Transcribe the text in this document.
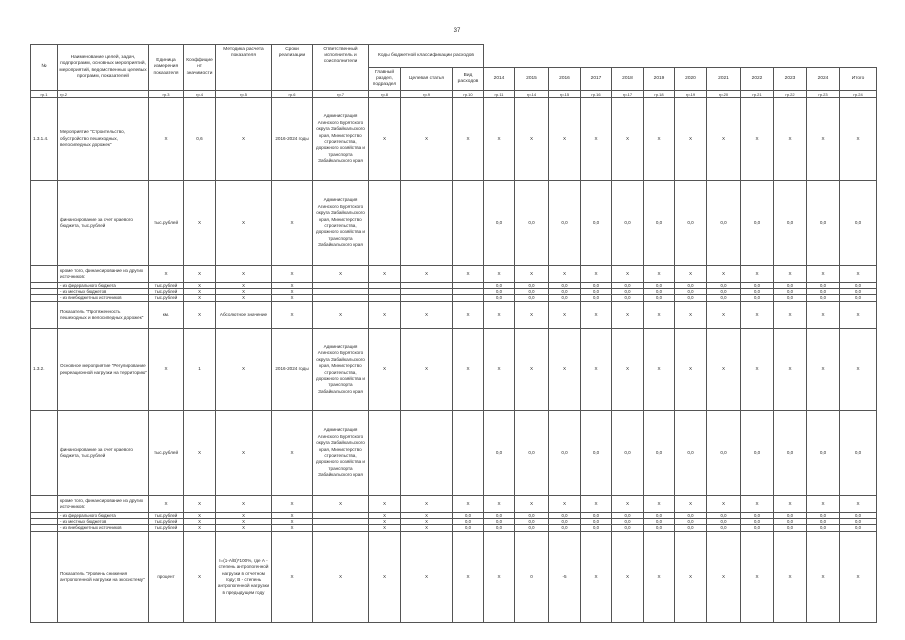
37
№	Наименование целей, задач, подпрограмм, основных мероприятий, мероприятий, ведомственных целевых программ, показателей	Единица измерения показателя	Коэффициент значимости	Методика расчета показателя	Сроки реализации	Ответственный исполнитель и соисполнители	Коды бюджетной классификации расходов														
							Главный раздел, подраздел	Целевая статья	Вид расходов	2014	2015	2016	2017	2018	2019	2020	2021	2022	2023	2024	Итого
гр.1	гр.2	гр.3	гр.4	гр.5	гр.6	гр.7	гр.8	гр.9	гр.10	гр.11	гр.14	гр.15	гр.16	гр.17	гр.18	гр.19	гр.20	гр.21	гр.22	гр.23	гр.24
1.3.1.4.	Мероприятие "Строительство, обустройство пешеходных, велосипедных дорожек"	Х	0,6	Х	2016-2024 годы	Администрация Агинского Бурятского округа Забайкальского края, Министерство строительства, дорожного хозяйства и транспорта Забайкальского края	Х	Х	Х	Х	Х	Х	Х	Х	Х	Х	Х	Х	Х	Х	Х
	финансирование за счет краевого бюджета, тыс.рублей	тыс.рублей	Х	Х	Х	Администрация Агинского Бурятского округа Забайкальского края, Министерство строительства, дорожного хозяйства и транспорта Забайкальского края				0,0	0,0	0,0	0,0	0,0	0,0	0,0	0,0	0,0	0,0	0,0	0,0
	кроме того, финансирование из других источников:	Х	Х	Х	Х	Х	Х	Х	Х	Х	Х	Х	Х	Х	Х	Х	Х	Х	Х	Х	Х
	- из федерального бюджета	тыс.рублей	Х	Х	Х					0,0	0,0	0,0	0,0	0,0	0,0	0,0	0,0	0,0	0,0	0,0	0,0
	- из местных бюджетов	тыс.рублей	Х	Х	Х					0,0	0,0	0,0	0,0	0,0	0,0	0,0	0,0	0,0	0,0	0,0	0,0
	- из внебюджетных источников	тыс.рублей	Х	Х	Х					0,0	0,0	0,0	0,0	0,0	0,0	0,0	0,0	0,0	0,0	0,0	0,0
	Показатель "Протяженность пешеходных и велосипедных дорожек"	км.	Х	Абсолютное значение	Х	Х	Х	Х	Х	Х	Х	Х	Х	Х	Х	Х	Х	Х	Х	Х	Х
1.3.2.	Основное мероприятие "Регулирование рекреационной нагрузки на территорию"	Х	1	Х	2016-2024 годы	Администрация Агинского Бурятского округа Забайкальского края, Министерство строительства, дорожного хозяйства и транспорта Забайкальского края	Х	Х	Х	Х	Х	Х	Х	Х	Х	Х	Х	Х	Х	Х	Х
	финансирование за счет краевого бюджета, тыс.рублей	тыс.рублей	Х	Х	Х	Администрация Агинского Бурятского округа Забайкальского края, Министерство строительства, дорожного хозяйства и транспорта Забайкальского края				0,0	0,0	0,0	0,0	0,0	0,0	0,0	0,0	0,0	0,0	0,0	0,0
	кроме того, финансирование из других источников:	Х	Х	Х	Х	Х	Х	Х	Х	Х	Х	Х	Х	Х	Х	Х	Х	Х	Х	Х	Х
	- из федерального бюджета	тыс.рублей	Х	Х	Х		Х	Х	0,0	0,0	0,0	0,0	0,0	0,0	0,0	0,0	0,0	0,0	0,0	0,0	0,0
	- из местных бюджетов	тыс.рублей	Х	Х	Х		Х	Х	0,0	0,0	0,0	0,0	0,0	0,0	0,0	0,0	0,0	0,0	0,0	0,0	0,0
	- из внебюджетных источников	тыс.рублей	Х	Х	Х		Х	Х	0,0	0,0	0,0	0,0	0,0	0,0	0,0	0,0	0,0	0,0	0,0	0,0	0,0
	Показатель "Уровень снижения антропогенной нагрузки на экосистему"	процент	Х	I=(1-А/В)*100%, где А - степень антропогенной нагрузки в отчетном году; В - степень антропогенной нагрузки в предыдущем году	Х	Х	Х	Х	Х	Х	0	-5	Х	Х	Х	Х	Х	Х	Х	Х	Х
